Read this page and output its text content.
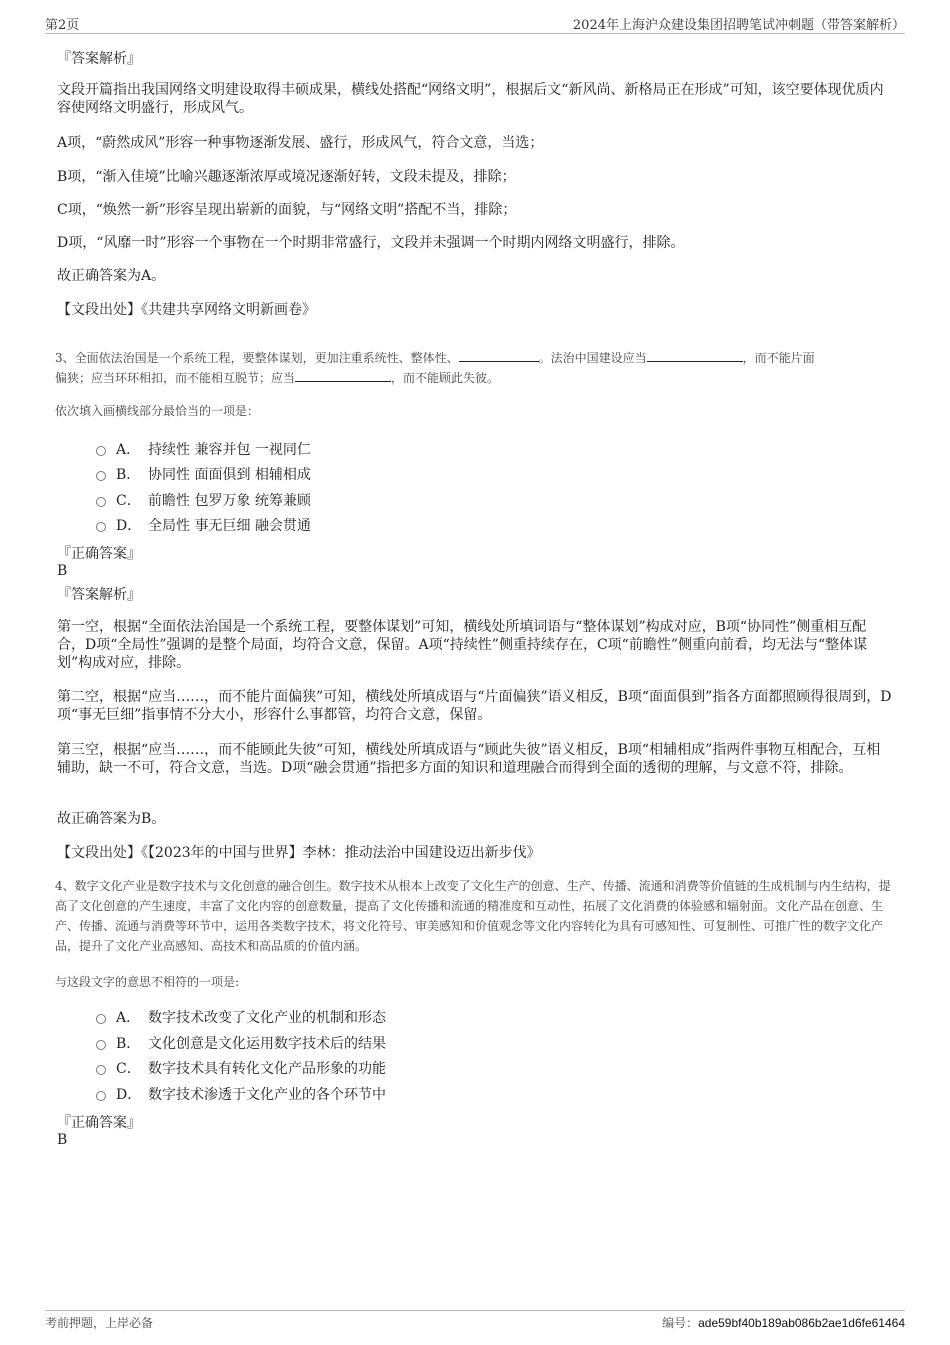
第2页	2024年上海沪众建设集团招聘笔试冲刺题（带答案解析）
『答案解析』
文段开篇指出我国网络文明建设取得丰硕成果，横线处搭配“网络文明”，根据后文“新风尚、新格局正在形成”可知，该空要体现优质内容使网络文明盛行，形成风气。
A项，“蔚然成风”形容一种事物逐渐发展、盛行，形成风气，符合文意，当选；
B项，“渐入佳境”比喻兴趣逐渐浓厚或境况逐渐好转，文段未提及，排除；
C项，“焕然一新”形容呈现出崭新的面貌，与“网络文明”搭配不当，排除；
D项，“风靡一时”形容一个事物在一个时期非常盛行，文段并未强调一个时期内网络文明盛行，排除。
故正确答案为A。
【文段出处】《共建共享网络文明新画卷》
3、全面依法治国是一个系统工程，要整体谋划，更加注重系统性、整体性、	。法治中国建设应当	，而不能片面
偏狭；应当环环相扣，而不能相互脱节；应当	，而不能顾此失彼。
依次填入画横线部分最恰当的一项是：
A． 持续性 兼容并包 一视同仁
B． 协同性 面面俱到 相辅相成
C． 前瞻性 包罗万象 统筹兼顾
D． 全局性 事无巨细 融会贯通
『正确答案』
B
『答案解析』
第一空，根据“全面依法治国是一个系统工程，要整体谋划”可知，横线处所填词语与“整体谋划”构成对应，B项“协同性”侧重相互配合，D项“全局性”强调的是整个局面，均符合文意，保留。A项“持续性”侧重持续存在，C项“前瞻性”侧重向前看，均无法与“整体谋划”构成对应，排除。
第二空，根据“应当……，而不能片面偏狭”可知，横线处所填成语与“片面偏狭”语义相反，B项“面面俱到”指各方面都照顾得很周到，D项“事无巨细”指事情不分大小，形容什么事都管，均符合文意，保留。
第三空，根据“应当……，而不能顾此失彼”可知，横线处所填成语与“顾此失彼”语义相反，B项“相辅相成”指两件事物互相配合，互相辅助，缺一不可，符合文意，当选。D项“融会贯通”指把多方面的知识和道理融合而得到全面的透彻的理解，与文意不符，排除。
故正确答案为B。
【文段出处】《【2023年的中国与世界】李林：推动法治中国建设迈出新步伐》
4、数字文化产业是数字技术与文化创意的融合创生。数字技术从根本上改变了文化生产的创意、生产、传播、流通和消费等价值链的生成机制与内生结构，提高了文化创意的产生速度，丰富了文化内容的创意数量，提高了文化传播和流通的精准度和互动性，拓展了文化消费的体验感和辐射面。文化产品在创意、生产、传播、流通与消费等环节中，运用各类数字技术，将文化符号、审美感知和价值观念等文化内容转化为具有可感知性、可复制性、可推广性的数字文化产品，提升了文化产业高感知、高技术和高品质的价值内涵。
与这段文字的意思不相符的一项是:
A． 数字技术改变了文化产业的机制和形态
B． 文化创意是文化运用数字技术后的结果
C． 数字技术具有转化文化产品形象的功能
D． 数字技术渗透于文化产业的各个环节中
『正确答案』
B
考前押题，上岸必备	编号：ade59bf40b189ab086b2ae1d6fe61464
